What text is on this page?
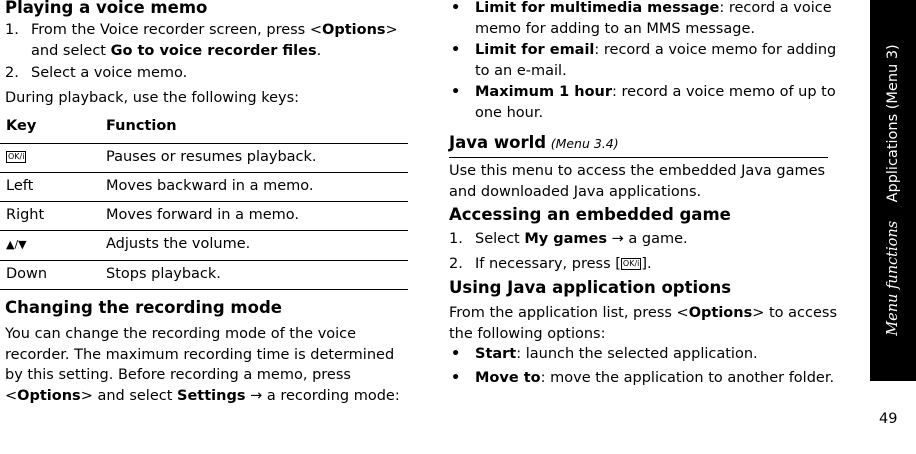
Playing a voice memo
1. From the Voice recorder screen, press <Options> and select Go to voice recorder files.
2. Select a voice memo.

During playback, use the following keys:

Key	Function
OK/i	Pauses or resumes playback.
Left	Moves backward in a memo.
Right	Moves forward in a memo.
▲/▼	Adjusts the volume.
Down	Stops playback.
Changing the recording mode

You can change the recording mode of the voice recorder. The maximum recording time is determined by this setting. Before recording a memo, press <Options> and select Settings → a recording mode:

• Limit for multimedia message: record a voice memo for adding to an MMS message.
• Limit for email: record a voice memo for adding to an e-mail.
• Maximum 1 hour: record a voice memo of up to one hour.
Java world (Menu 3.4)

Use this menu to access the embedded Java games and downloaded Java applications.

Accessing an embedded game
1. Select My games → a game.
2. If necessary, press [ OK/i ].
Using Java application options

From the application list, press <Options> to access the following options:

• Start: launch the selected application.
• Move to: move the application to another folder.
Menu functions    Applications (Menu 3)
49
